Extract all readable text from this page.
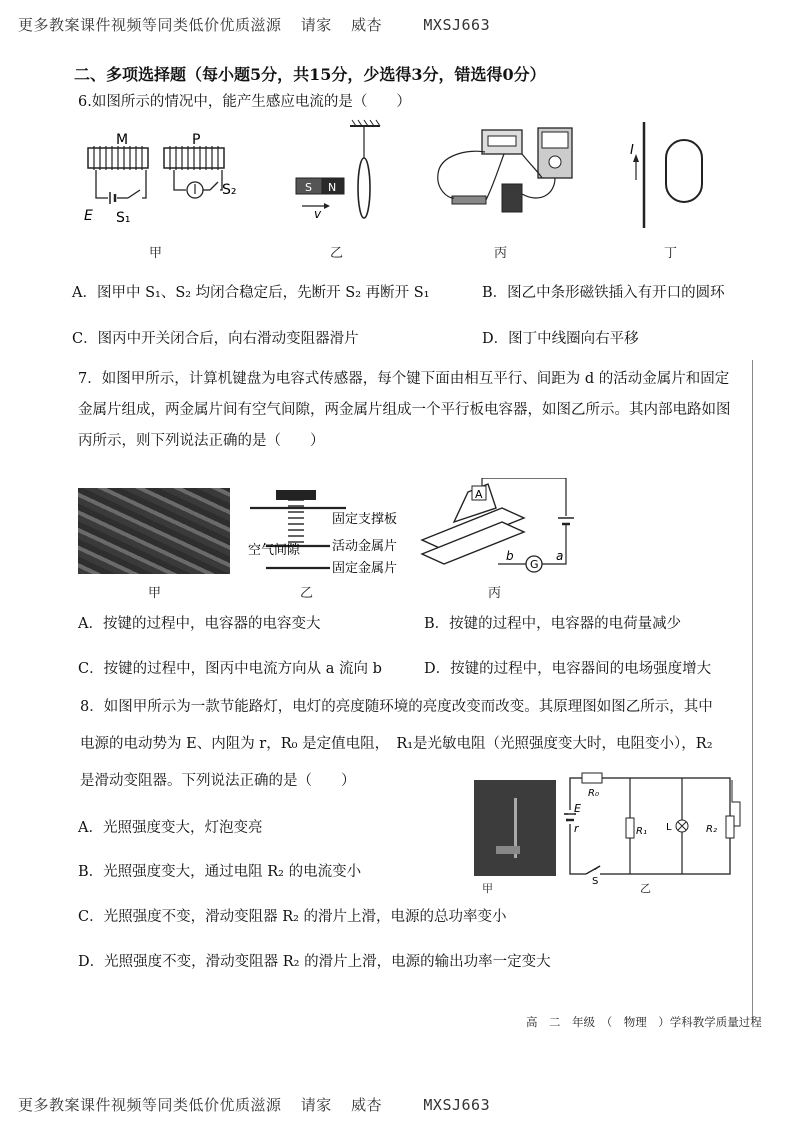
更多教案课件视频等同类低价优质滋源 请家 威杏	MXSJ663
二、多项选择题（每小题5分，共15分，少选得3分，错选得0分）
6.如图所示的情况中，能产生感应电流的是（　　）
M	P
E S₁
S₂
甲
S N
v
乙	丙
I
丁
A．图甲中 S₁、S₂ 均闭合稳定后，先断开 S₂ 再断开 S₁	B．图乙中条形磁铁插入有开口的圆环
C．图丙中开关闭合后，向右滑动变阻器滑片	D．图丁中线圈向右平移
7．如图甲所示，计算机键盘为电容式传感器，每个键下面由相互平行、间距为 d 的活动金属片和固定金属片组成，两金属片间有空气间隙，两金属片组成一个平行板电容器，如图乙所示。其内部电路如图丙所示，则下列说法正确的是（　　）
甲
固定支撑板
空气间隙 活动金属片
固定金属片
乙
A
G
b	a
丙
A．按键的过程中，电容器的电容变大	B．按键的过程中，电容器的电荷量减少
C．按键的过程中，图丙中电流方向从 a 流向 b	D．按键的过程中，电容器间的电场强度增大
8．如图甲所示为一款节能路灯，电灯的亮度随环境的亮度改变而改变。其原理图如图乙所示，其中
电源的电动势为 E、内阻为 r，R₀ 是定值电阻，　R₁是光敏电阻（光照强度变大时，电阻变小），R₂
是滑动变阻器。下列说法正确的是（　　）
甲
R₀
E
r	R₁ L	R₂
S
乙
A．光照强度变大，灯泡变亮
B．光照强度变大，通过电阻 R₂ 的电流变小
C．光照强度不变，滑动变阻器 R₂ 的滑片上滑，电源的总功率变小
D．光照强度不变，滑动变阻器 R₂ 的滑片上滑，电源的输出功率一定变大
高　二　年级　（　物理　）学科教学质量过程
更多教案课件视频等同类低价优质滋源 请家 威杏	MXSJ663
